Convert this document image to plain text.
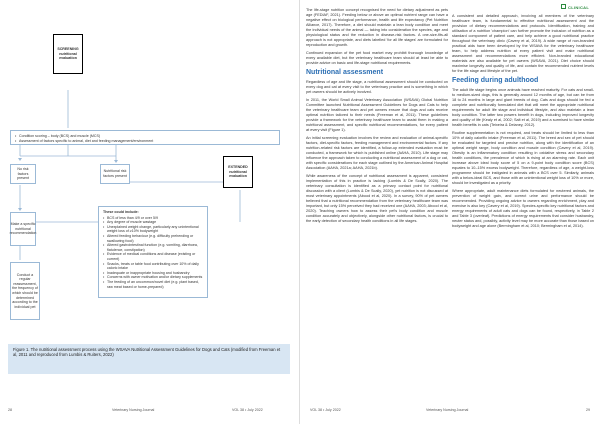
SCREENING nutritional evaluation
• Condition scoring – body (BCS) and muscle (MCS)
• Assessment of factors specific to animal, diet and feeding management/environment
No risk factors present
Nutritional risk factors present
EXTENDED nutritional evaluation
Make a specific nutritional recommendation
These could include:
• BCS of less than 4/9 or over 5/9
• Any degree of muscle wastage
• Unexplained weight change, particularly any unintentional weight loss of ≥10% bodyweight
• Altered feeding behaviour (e.g. difficulty prehending or swallowing food)
• Altered gastrointestinal function (e.g. vomiting, diarrhoea, flatulence, constipation)
• Evidence of medical conditions and disease (existing or current)
• Snacks, treats or table food contributing over 10% of daily caloric intake
• Inadequate or inappropriate housing and husbandry
• Concerns with owner motivation and/or dietary supplements
• The feeding of an uncommon/novel diet (e.g. plant based, raw meat based or home-prepared)
Conduct a regular reassessment, the frequency of which should be determined according to the individual pet
Figure 1. The nutritional assessment process using the WSAVA Nutritional Assessment Guidelines for Dogs and Cats (modified from Freeman et al, 2011 and reproduced from Lumbis & Ruiters, 2022)
28	Veterinary Nursing Journal	VOL 38 • July 2022
CLINICAL

The life-stage nutrition concept recognised the need for dietary adjustment as pets age (FEDIAF, 2021). Feeding below or above an optimal nutrient range can have a negative effect on biological performance, health and life expectancy (Pet Nutrition Alliance, 2017). Therefore, a diet should maintain a lean body condition and meet the individual needs of the animal — taking into consideration the species, age and physiological status and the reduction in disease-risk factors. A one-size-fits-all approach is not appropriate, and diets labelled 'for all life stages' are formulated for reproduction and growth.

Continued expansion of the pet food market may prohibit thorough knowledge of every available diet, but the veterinary healthcare team should at least be able to provide advice on basic and life-stage nutritional requirements.

Nutritional assessment

Regardless of age and life stage, a nutritional assessment should be conducted on every dog and cat at every visit to the veterinary practice and is something in which pet owners should be actively involved.

In 2011, the World Small Animal Veterinary Association (WSAVA) Global Nutrition Committee launched Nutritional Assessment Guidelines for Dogs and Cats to help the veterinary healthcare team and pet owners ensure that dogs and cats receive optimal nutrition tailored to their needs (Freeman et al, 2011). These guidelines provide a framework for the veterinary healthcare team to assist them in making a nutritional assessment, and specific nutritional recommendations, for every patient at every visit (Figure 1).

An initial screening evaluation involves the review and evaluation of animal-specific factors, diet-specific factors, feeding management and environmental factors. If any nutrition-related risk factors are identified, a follow-up extended evaluation must be conducted, a framework for which is published online (AAHA, 2010). Life stage may influence the approach taken to conducting a nutritional assessment of a dog or cat, with specific considerations for each stage outlined by the American Animal Hospital Association (AAHA, 2021a; AAHA, 2021b).

While awareness of the concept of nutritional assessment is apparent, consistent implementation of this in practice is lacking (Lumbis & De Scally, 2020). The veterinary consultation is identified as a primary contact point for nutritional discussion with a client (Lumbis & De Scally, 2020), yet nutrition is not discussed at most veterinary appointments (Abood et al, 2020). In a survey, 90% of pet owners believed that a nutritional recommendation from the veterinary healthcare team was important, but only 15% perceived they had received one (AAHA, 2003; Abood et al, 2020). Teaching owners how to assess their pet's body condition and muscle condition accurately and objectively, alongside other nutritional factors, is crucial to the early detection of secondary health conditions in all life stages.

A consistent and detailed approach, involving all members of the veterinary healthcare team, is fundamental to effective nutritional assessment and the provision of dietary recommendations and protocols. Identification, training and utilisation of a nutrition 'champion' can further promote the inclusion of nutrition as a standard component of patient care, and help achieve a good nutritional practice throughout the veterinary clinic (Cavery et al, 2019). A wide range of non-branded practical aids have been developed by the WSAVA for the veterinary healthcare team, to help address nutrition at every patient visit and make nutritional assessment and recommendations more efficient. Non-branded educational materials are also available for pet owners (WSAVA, 2021). Diet choice should maximise longevity and quality of life, and contain the recommended nutrient levels for the life stage and lifestyle of the pet.

Feeding during adulthood

The adult life stage begins once animals have reached maturity. For cats and small- to medium-sized dogs, this is generally around 12 months of age, but can be from 18 to 24 months in large and giant breeds of dog. Cats and dogs should be fed a complete and nutritionally formulated diet that will meet the appropriate nutritional requirements for adult life stage and individual lifestyle, and also maintain a lean body condition. The latter two powers benefit in dogs, including improved longevity and quality of life (Kealy et al, 2002; Salt et al, 2019) and a surmised to have similar health benefits in cats (Teixeira & Delaney, 2012).

Routine supplementation is not required, and treats should be limited to less than 10% of daily calorific intake (Freeman et al, 2011). The breed and sex of pet should be evaluated for targeted and precise nutrition, along with the identification of an optimal weight range, body condition and muscle condition (Cavery et al, 2019). Obesity is an inflammatory condition resulting in oxidative stress and secondary health conditions, the prevalence of which is rising at an alarming rate. Each unit increase above ideal body score of 5 on a 9-point body condition score (BCS) equates to 10–15% excess bodyweight. Therefore, regardless of age, a weight-loss programme should be instigated in animals with a BCS over 5. Similarly, animals with a below-ideal BCS, and those with an unintentional weight loss of 10% or more, should be investigated as a priority.

Where appropriate, adult maintenance diets formulated for neutered animals, the prevention of weight gain, and correct urine and performance should be recommended. Providing ongoing advice to owners regarding enrichment, play and exercise is also key (Cavery et al, 2019). Species-specific key nutritional factors and energy requirements of adult cats and dogs can be found, respectively, in Table 2 and Table 3 (overleaf). Predictions of energy requirements that consider husbandry, neuter status and, possibly, activity level may be more accurate than those based on bodyweight and age alone (Bermingham et al, 2010; Bermingham et al, 2014).

VOL 38 • July 2022	Veterinary Nursing Journal	29
